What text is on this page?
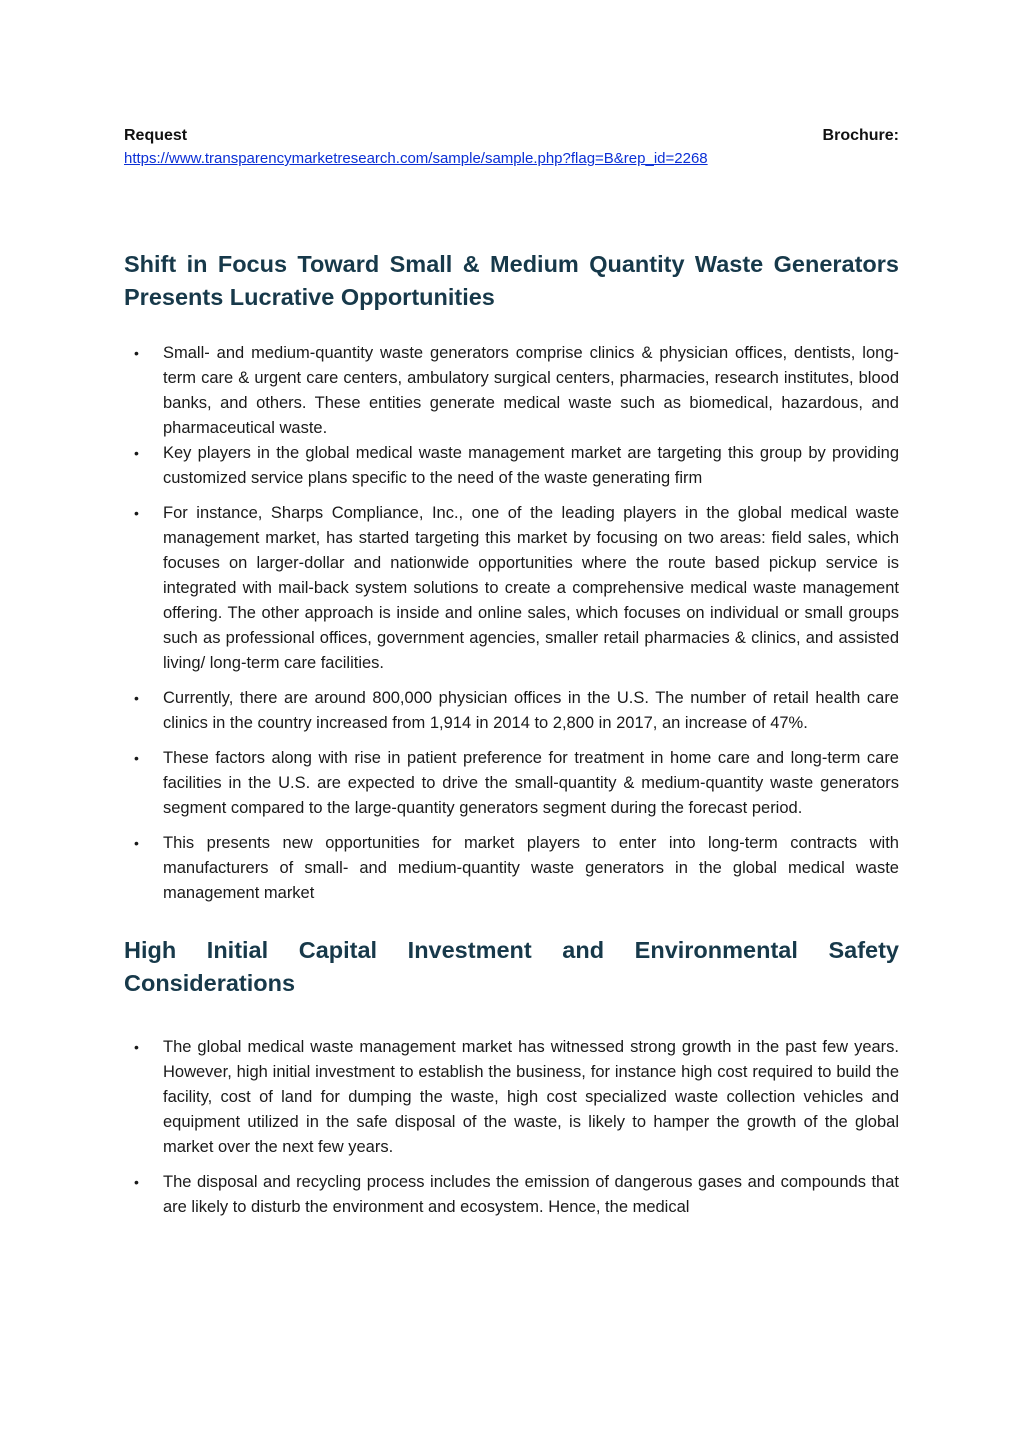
Request	Brochure:
https://www.transparencymarketresearch.com/sample/sample.php?flag=B&rep_id=2268
Shift in Focus Toward Small & Medium Quantity Waste Generators Presents Lucrative Opportunities
• Small- and medium-quantity waste generators comprise clinics & physician offices, dentists, long-term care & urgent care centers, ambulatory surgical centers, pharmacies, research institutes, blood banks, and others. These entities generate medical waste such as biomedical, hazardous, and pharmaceutical waste.
• Key players in the global medical waste management market are targeting this group by providing customized service plans specific to the need of the waste generating firm
• For instance, Sharps Compliance, Inc., one of the leading players in the global medical waste management market, has started targeting this market by focusing on two areas: field sales, which focuses on larger-dollar and nationwide opportunities where the route based pickup service is integrated with mail-back system solutions to create a comprehensive medical waste management offering. The other approach is inside and online sales, which focuses on individual or small groups such as professional offices, government agencies, smaller retail pharmacies & clinics, and assisted living/ long-term care facilities.
• Currently, there are around 800,000 physician offices in the U.S. The number of retail health care clinics in the country increased from 1,914 in 2014 to 2,800 in 2017, an increase of 47%.
• These factors along with rise in patient preference for treatment in home care and long-term care facilities in the U.S. are expected to drive the small-quantity & medium-quantity waste generators segment compared to the large-quantity generators segment during the forecast period.
• This presents new opportunities for market players to enter into long-term contracts with manufacturers of small- and medium-quantity waste generators in the global medical waste management market
High Initial Capital Investment and Environmental Safety Considerations
• The global medical waste management market has witnessed strong growth in the past few years. However, high initial investment to establish the business, for instance high cost required to build the facility, cost of land for dumping the waste, high cost specialized waste collection vehicles and equipment utilized in the safe disposal of the waste, is likely to hamper the growth of the global market over the next few years.
• The disposal and recycling process includes the emission of dangerous gases and compounds that are likely to disturb the environment and ecosystem. Hence, the medical
